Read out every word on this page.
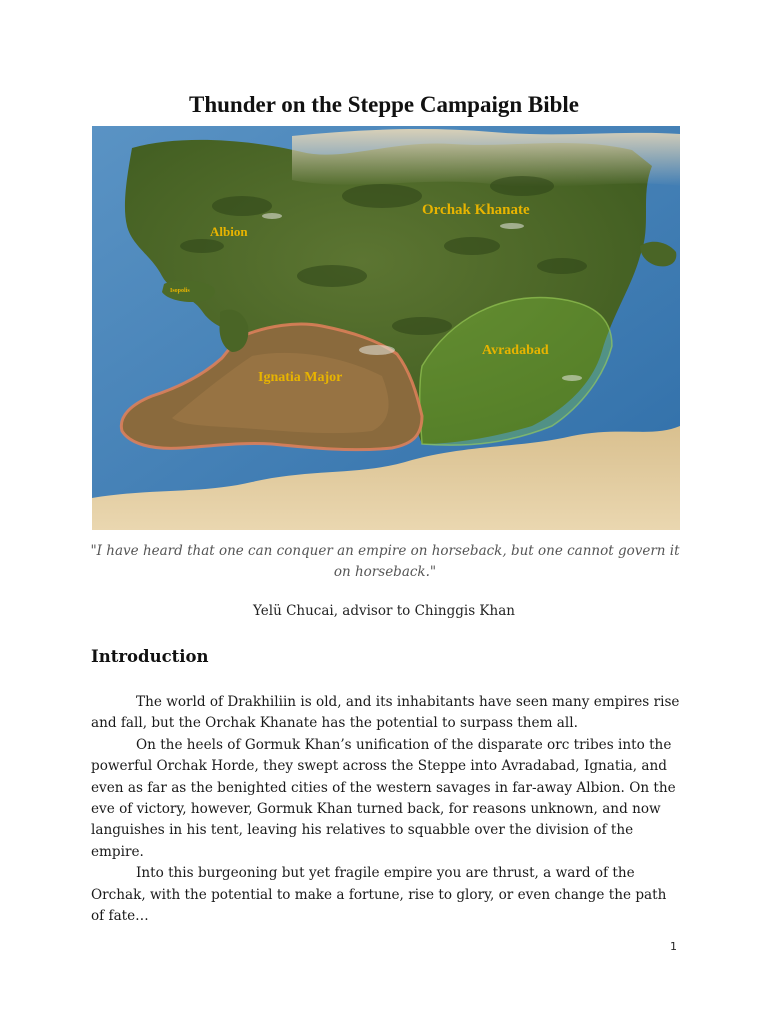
Thunder on the Steppe Campaign Bible
Orchak Khanate
Albion
Isopolis
Avradabad
Ignatia Major
"I have heard that one can conquer an empire on horseback, but one cannot govern it on horseback."
Yelü Chucai, advisor to Chinggis Khan
Introduction

The world of Drakhiliin is old, and its inhabitants have seen many empires rise and fall, but the Orchak Khanate has the potential to surpass them all.

On the heels of Gormuk Khan’s unification of the disparate orc tribes into the powerful Orchak Horde, they swept across the Steppe into Avradabad, Ignatia, and even as far as the benighted cities of the western savages in far-away Albion. On the eve of victory, however, Gormuk Khan turned back, for reasons unknown, and now languishes in his tent, leaving his relatives to squabble over the division of the empire.

Into this burgeoning but yet fragile empire you are thrust, a ward of the Orchak, with the potential to make a fortune, rise to glory, or even change the path of fate…

1
